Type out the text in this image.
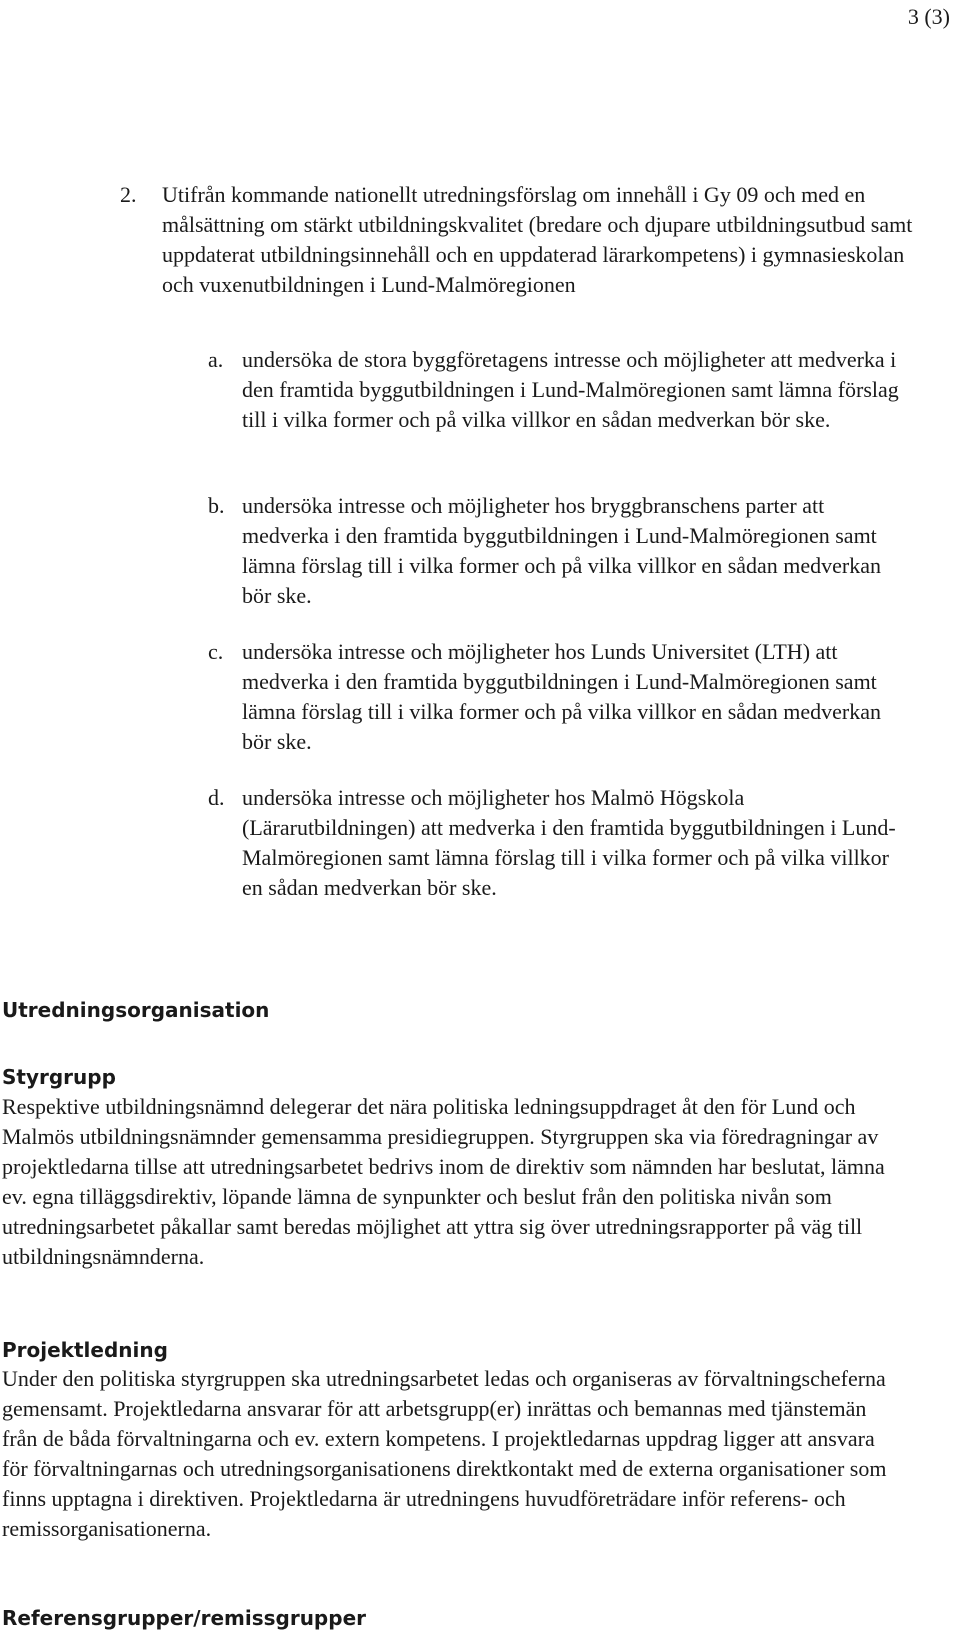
3 (3)
2.	Utifrån kommande nationellt utredningsförslag om innehåll i Gy 09 och med en målsättning om stärkt utbildningskvalitet (bredare och djupare utbildningsutbud samt uppdaterat utbildningsinnehåll och en uppdaterad lärarkompetens) i gymnasieskolan och vuxenutbildningen i Lund-Malmöregionen

a. undersöka de stora byggföretagens intresse och möjligheter att medverka i den framtida byggutbildningen i Lund-Malmöregionen samt lämna förslag till i vilka former och på vilka villkor en sådan medverkan bör ske.

b. undersöka intresse och möjligheter hos bryggbranschens parter att medverka i den framtida byggutbildningen i Lund-Malmöregionen samt lämna förslag till i vilka former och på vilka villkor en sådan medverkan bör ske.

c. undersöka intresse och möjligheter hos Lunds Universitet (LTH) att medverka i den framtida byggutbildningen i Lund-Malmöregionen samt lämna förslag till i vilka former och på vilka villkor en sådan medverkan bör ske.

d. undersöka intresse och möjligheter hos Malmö Högskola (Lärarutbildningen) att medverka i den framtida byggutbildningen i Lund-Malmöregionen samt lämna förslag till i vilka former och på vilka villkor en sådan medverkan bör ske.

Utredningsorganisation
Styrgrupp

Respektive utbildningsnämnd delegerar det nära politiska ledningsuppdraget åt den för Lund och Malmös utbildningsnämnder gemensamma presidiegruppen. Styrgruppen ska via föredragningar av projektledarna tillse att utredningsarbetet bedrivs inom de direktiv som nämnden har beslutat, lämna ev. egna tilläggsdirektiv, löpande lämna de synpunkter och beslut från den politiska nivån som utredningsarbetet påkallar samt beredas möjlighet att yttra sig över utredningsrapporter på väg till utbildningsnämnderna.

Projektledning

Under den politiska styrgruppen ska utredningsarbetet ledas och organiseras av förvaltningscheferna gemensamt. Projektledarna ansvarar för att arbetsgrupp(er) inrättas och bemannas med tjänstemän från de båda förvaltningarna och ev. extern kompetens. I projektledarnas uppdrag ligger att ansvara för förvaltningarnas och utredningsorganisationens direktkontakt med de externa organisationer som finns upptagna i direktiven. Projektledarna är utredningens huvudföreträdare inför referens- och remissorganisationerna.

Referensgrupper/remissgrupper
